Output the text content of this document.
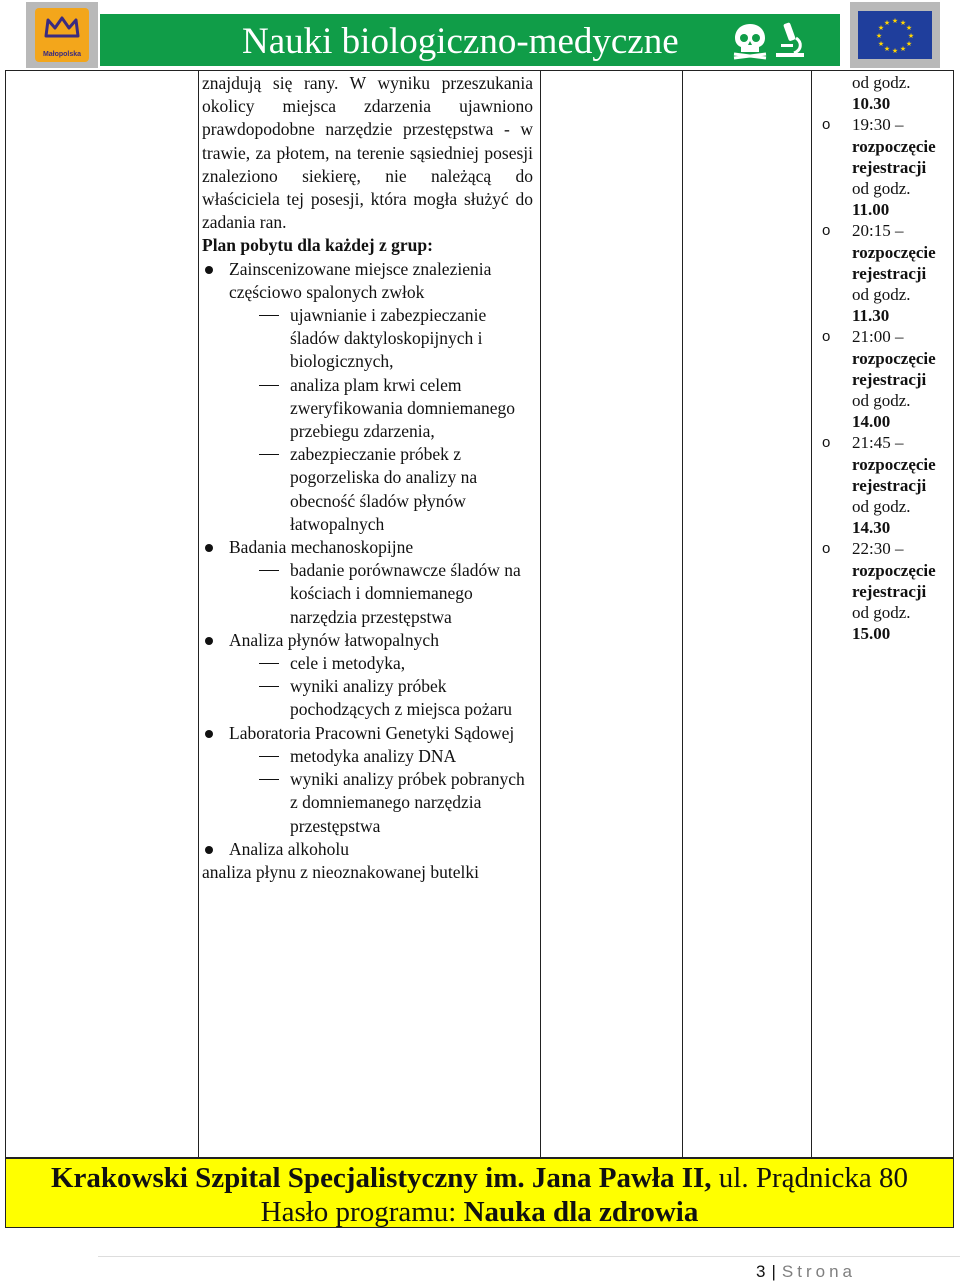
Małopolska	Nauki biologiczno-medyczne	★ ★
★
★
★
★
★
★
★
★
★
★

znajdują się rany. W wyniku przeszukania okolicy miejsca zdarzenia ujawniono prawdopodobne narzędzie przestępstwa - w trawie, za płotem, na terenie sąsiedniej posesji znaleziono siekierę, nie należącą do właściciela tej posesji, która mogła służyć do zadania ran.

Plan pobytu dla każdej z grup:

Zainscenizowane miejsce znalezienia częściowo spalonych zwłok

ujawnianie i zabezpieczanie śladów daktyloskopijnych i biologicznych,

analiza plam krwi celem zweryfikowania domniemanego przebiegu zdarzenia,

zabezpieczanie próbek z pogorzeliska do analizy na obecność śladów płynów łatwopalnych

Badania mechanoskopijne

badanie porównawcze śladów na kościach i domniemanego narzędzia przestępstwa

Analiza płynów łatwopalnych

cele i metodyka,

wyniki analizy próbek pochodzących z miejsca pożaru

Laboratoria Pracowni Genetyki Sądowej

metodyka analizy DNA

wyniki analizy próbek pobranych z domniemanego narzędzia przestępstwa

Analiza alkoholu

analiza płynu z nieoznakowanej butelki

od godz.
10.30
o 19:30 –
rozpoczęcie
rejestracji
od godz.
11.00
o 20:15 –
rozpoczęcie
rejestracji
od godz.
11.30
o 21:00 –
rozpoczęcie
rejestracji
od godz.
14.00
o 21:45 –
rozpoczęcie
rejestracji
od godz.
14.30
o 22:30 –
rozpoczęcie
rejestracji
od godz.
15.00
Krakowski Szpital Specjalistyczny im. Jana Pawła II, ul. Prądnicka 80
Hasło programu: Nauka dla zdrowia
3 | Strona
